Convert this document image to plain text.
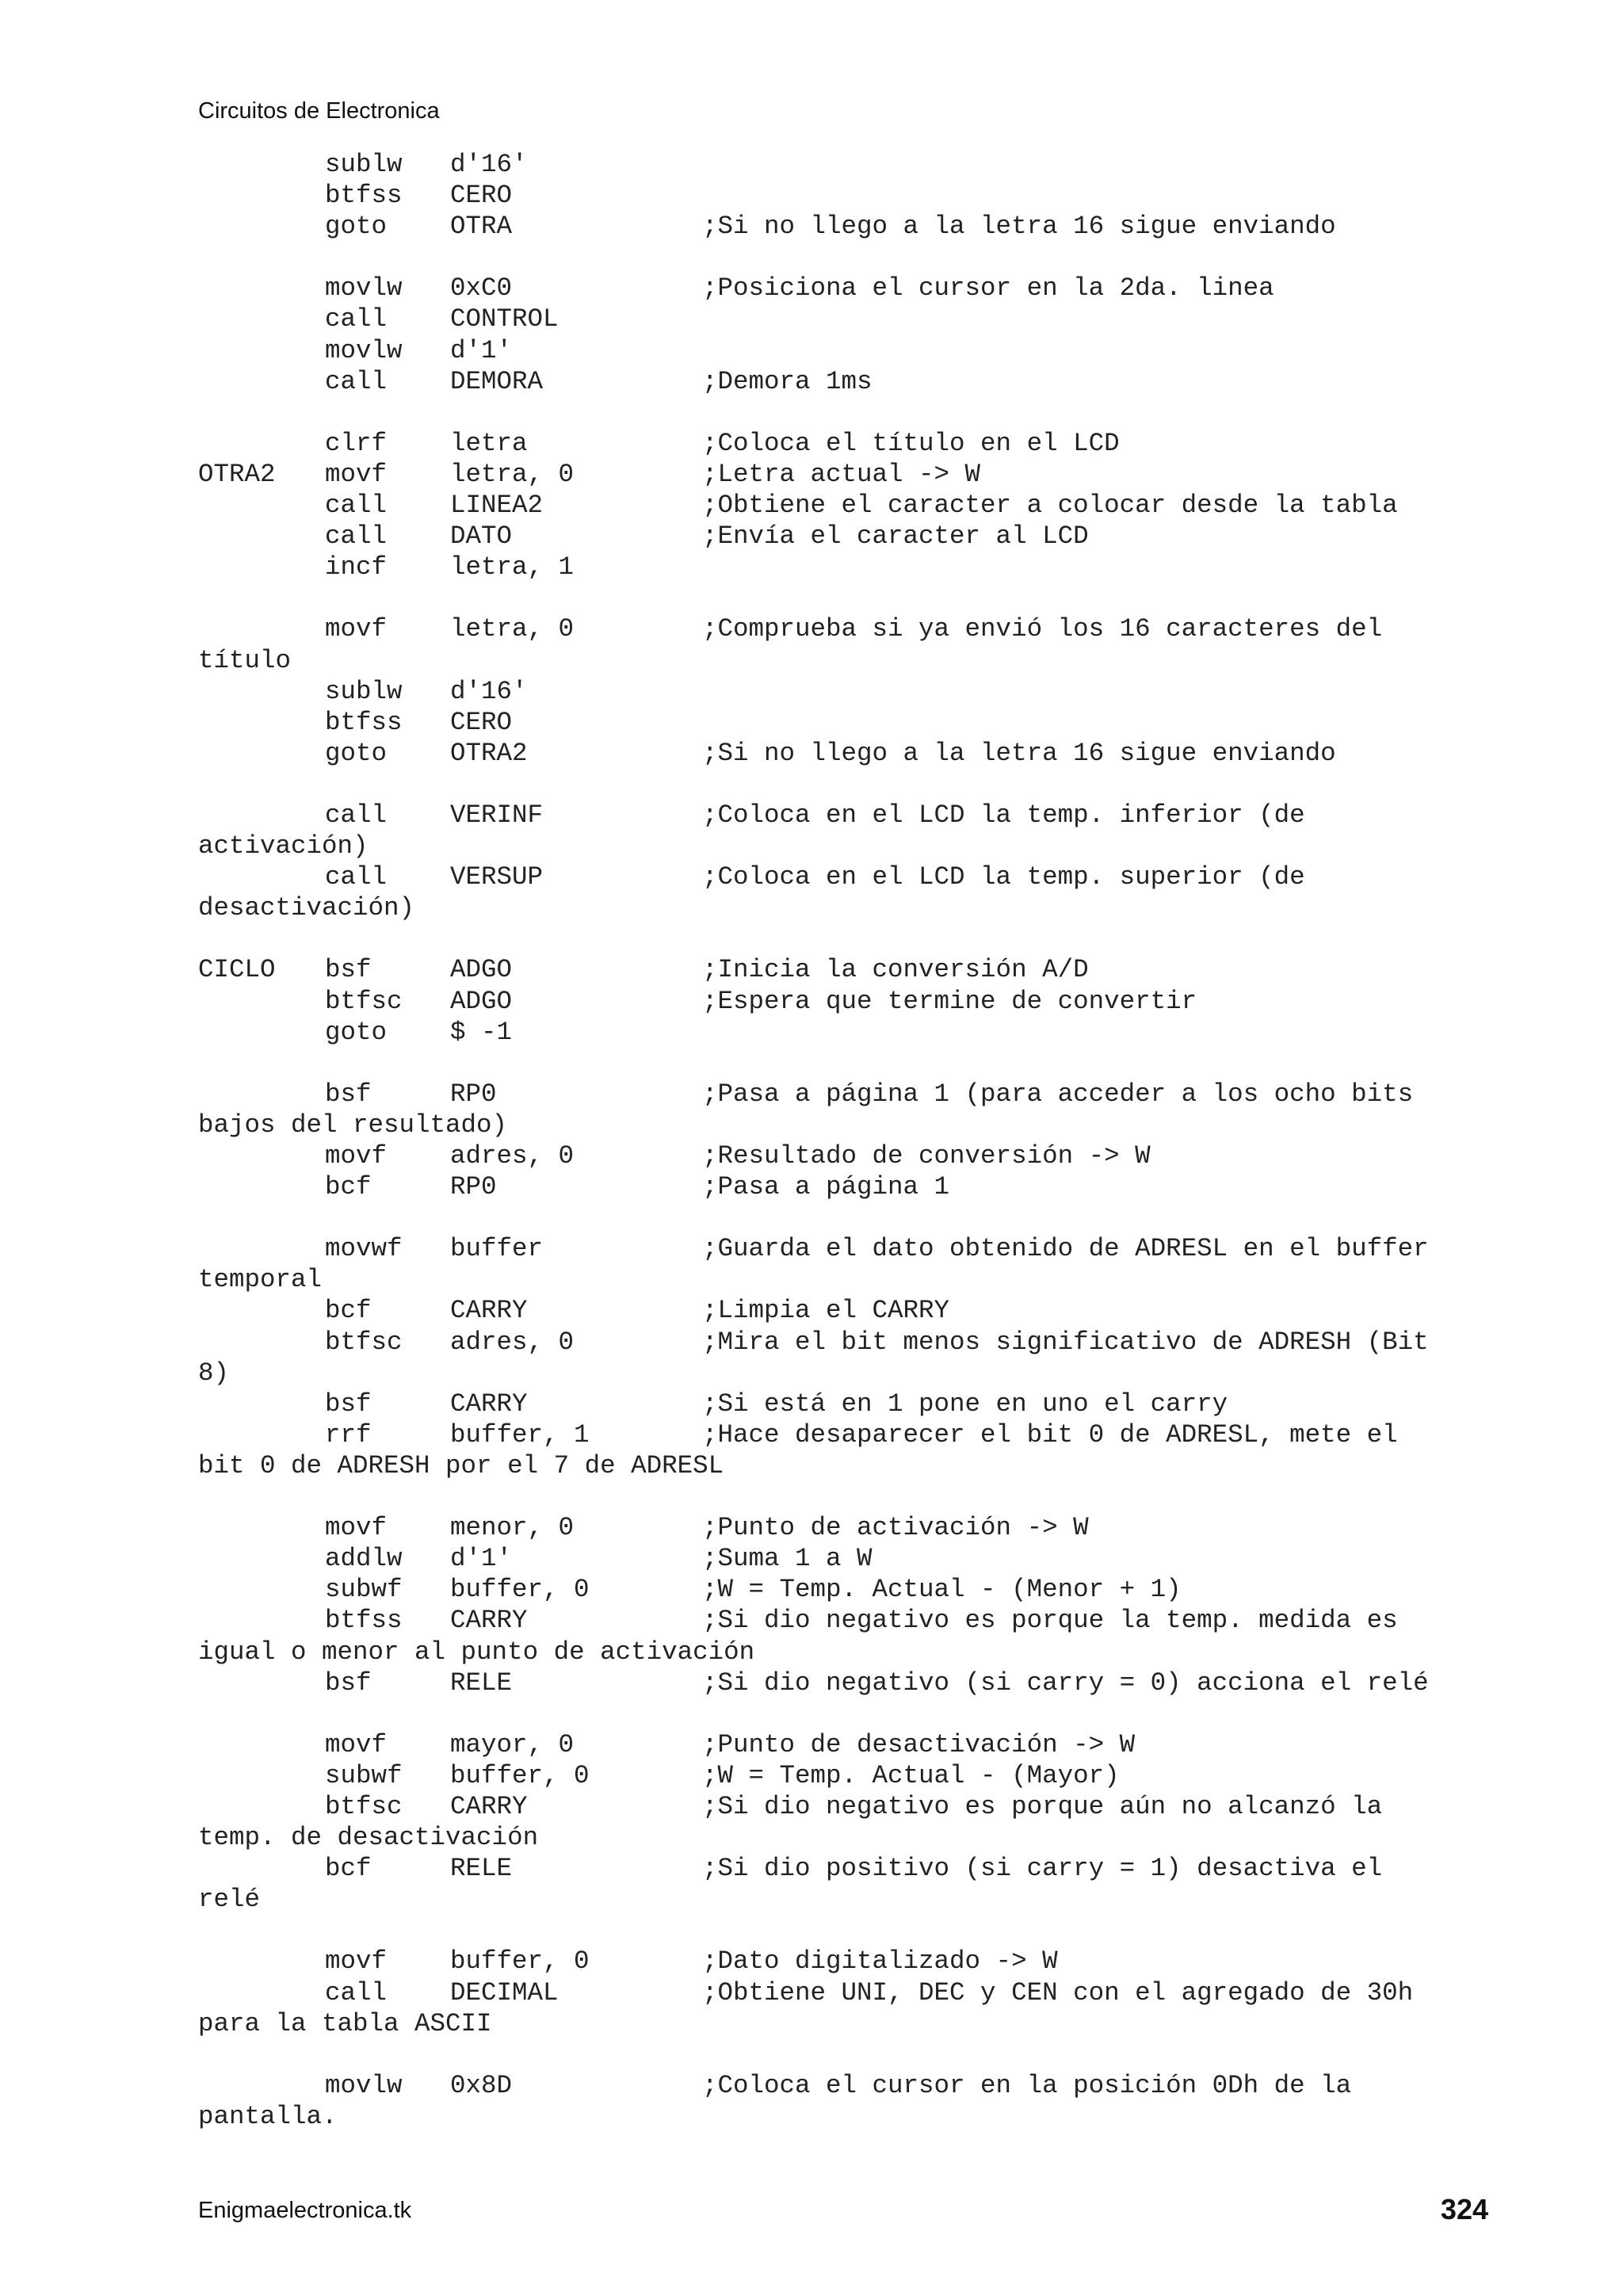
Circuitos de Electronica
sublw d'16'
btfss CERO
goto OTRA	;Si no llego a la letra 16 sigue enviando
movlw 0xC0	;Posiciona el cursor en la 2da. linea
call CONTROL
movlw d'1'
call DEMORA	;Demora 1ms
clrf letra	;Coloca el título en el LCD
OTRA2 movf letra, 0	;Letra actual -> W
call LINEA2	;Obtiene el caracter a colocar desde la tabla
call DATO	;Envía el caracter al LCD
incf letra, 1
movf letra, 0	;Comprueba si ya envió los 16 caracteres del
título
sublw d'16'
btfss CERO
goto OTRA2	;Si no llego a la letra 16 sigue enviando
call VERINF	;Coloca en el LCD la temp. inferior (de
activación)
call VERSUP	;Coloca en el LCD la temp. superior (de
desactivación)
CICLO bsf	ADGO	;Inicia la conversión A/D
btfsc ADGO	;Espera que termine de convertir
goto $ -1
bsf	RP0	;Pasa a página 1 (para acceder a los ocho bits
bajos del resultado)
movf adres, 0	;Resultado de conversión -> W
bcf	RP0	;Pasa a página 1
movwf buffer	;Guarda el dato obtenido de ADRESL en el buffer
temporal
bcf	CARRY	;Limpia el CARRY
btfsc adres, 0	;Mira el bit menos significativo de ADRESH (Bit
8)
bsf	CARRY	;Si está en 1 pone en uno el carry
rrf	buffer, 1	;Hace desaparecer el bit 0 de ADRESL, mete el
bit 0 de ADRESH por el 7 de ADRESL
movf menor, 0	;Punto de activación -> W
addlw d'1'	;Suma 1 a W
subwf buffer, 0	;W = Temp. Actual - (Menor + 1)
btfss CARRY	;Si dio negativo es porque la temp. medida es
igual o menor al punto de activación
bsf	RELE	;Si dio negativo (si carry = 0) acciona el relé
movf mayor, 0	;Punto de desactivación -> W
subwf buffer, 0	;W = Temp. Actual - (Mayor)
btfsc CARRY	;Si dio negativo es porque aún no alcanzó la
temp. de desactivación
bcf	RELE	;Si dio positivo (si carry = 1) desactiva el
relé
movf buffer, 0	;Dato digitalizado -> W
call DECIMAL	;Obtiene UNI, DEC y CEN con el agregado de 30h
para la tabla ASCII
movlw 0x8D	;Coloca el cursor en la posición 0Dh de la
pantalla.
Enigmaelectronica.tk	324
